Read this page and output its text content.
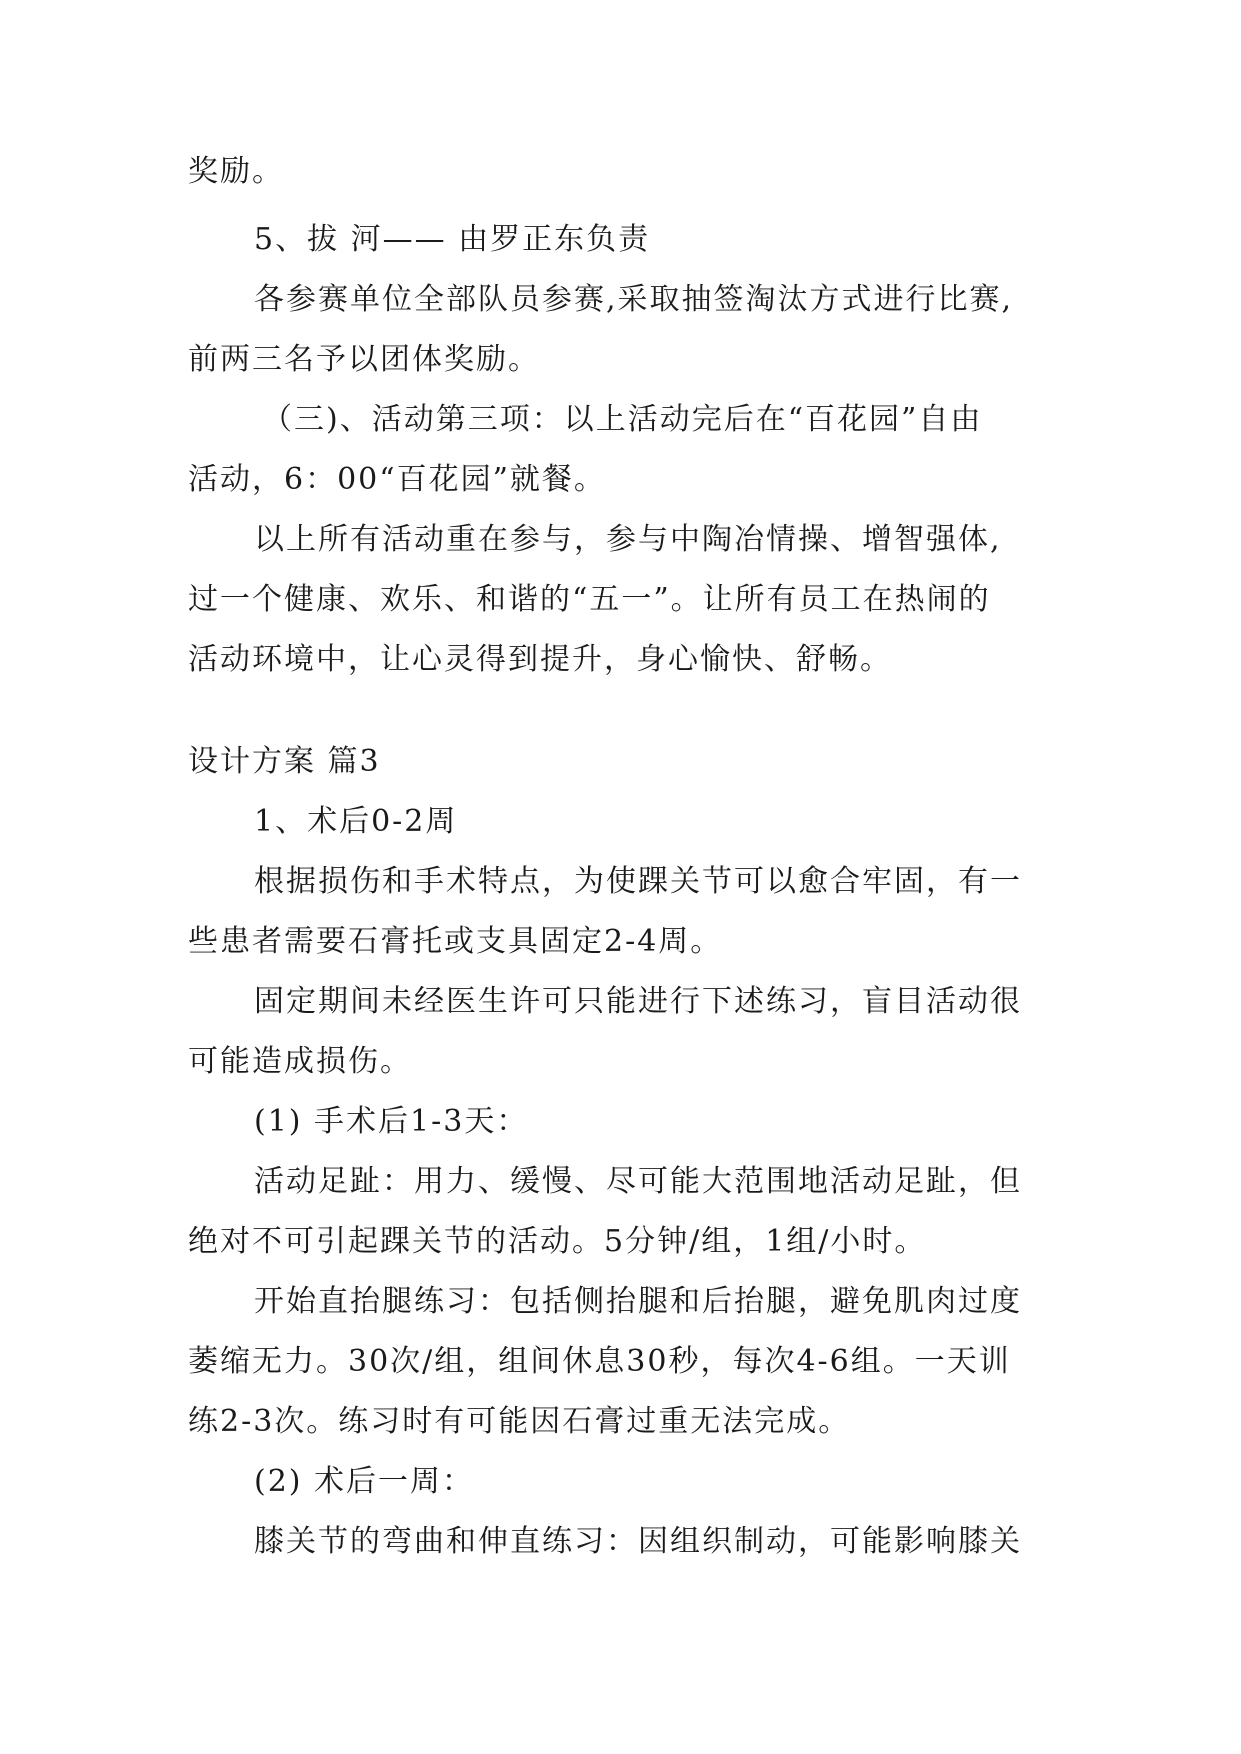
奖励。
5、拔 河—— 由罗正东负责
各参赛单位全部队员参赛,采取抽签淘汰方式进行比赛,
前两三名予以团体奖励。
（三)、活动第三项：以上活动完后在“百花园”自由
活动，6：00“百花园”就餐。
以上所有活动重在参与，参与中陶冶情操、增智强体,
过一个健康、欢乐、和谐的“五一”。让所有员工在热闹的
活动环境中，让心灵得到提升，身心愉快、舒畅。
设计方案 篇3
1、术后0-2周
根据损伤和手术特点，为使踝关节可以愈合牢固，有一
些患者需要石膏托或支具固定2-4周。
固定期间未经医生许可只能进行下述练习，盲目活动很
可能造成损伤。
(1) 手术后1-3天：
活动足趾：用力、缓慢、尽可能大范围地活动足趾，但
绝对不可引起踝关节的活动。5分钟/组，1组/小时。
开始直抬腿练习：包括侧抬腿和后抬腿，避免肌肉过度
萎缩无力。30次/组，组间休息30秒，每次4-6组。一天训
练2-3次。练习时有可能因石膏过重无法完成。
(2) 术后一周：
膝关节的弯曲和伸直练习：因组织制动，可能影响膝关
